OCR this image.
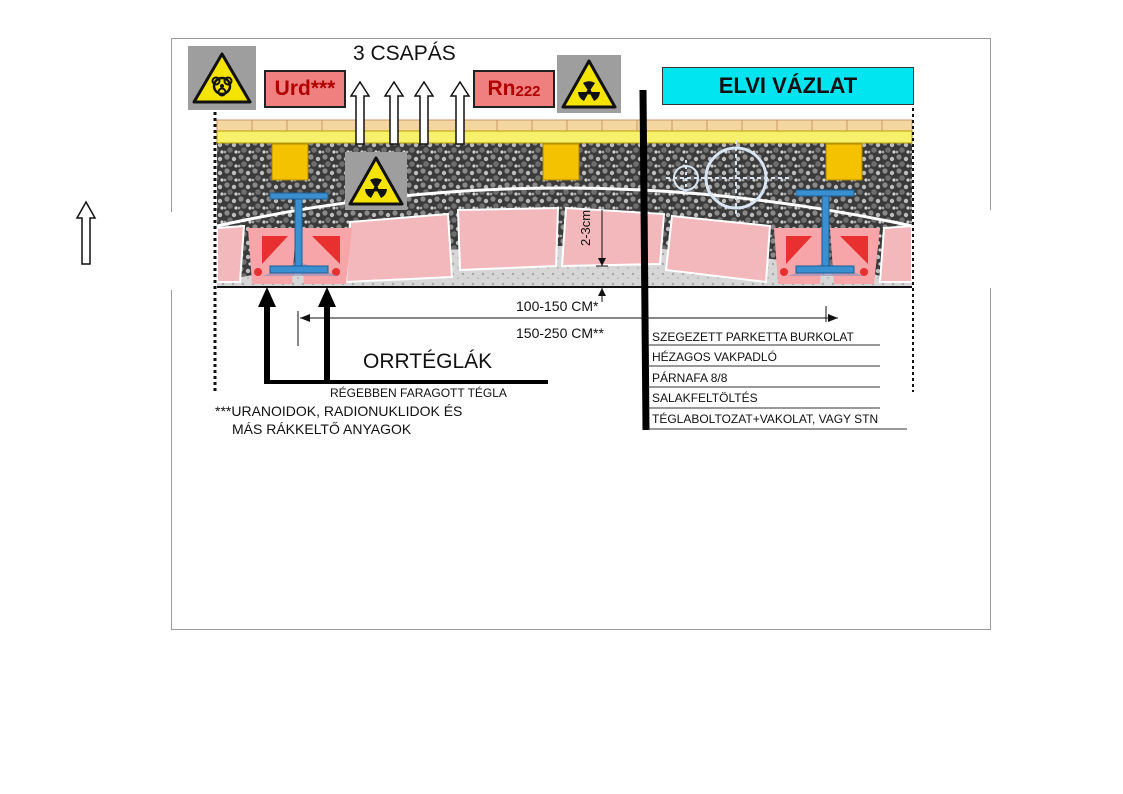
Urd***	Rn 222	ELVI VÁZLAT
3 CSAPÁS
2-3cm
100-150 CM*
150-250 CM**
ORRTÉGLÁK
RÉGEBBEN FARAGOTT TÉGLA
***URANOIDOK, RADIONUKLIDOK ÉS
MÁS RÁKKELTŐ ANYAGOK
SZEGEZETT PARKETTA BURKOLAT
HÉZAGOS VAKPADLÓ
PÁRNAFA 8/8
SALAKFELTÖLTÉS
TÉGLABOLTOZAT+VAKOLAT, VAGY STN
